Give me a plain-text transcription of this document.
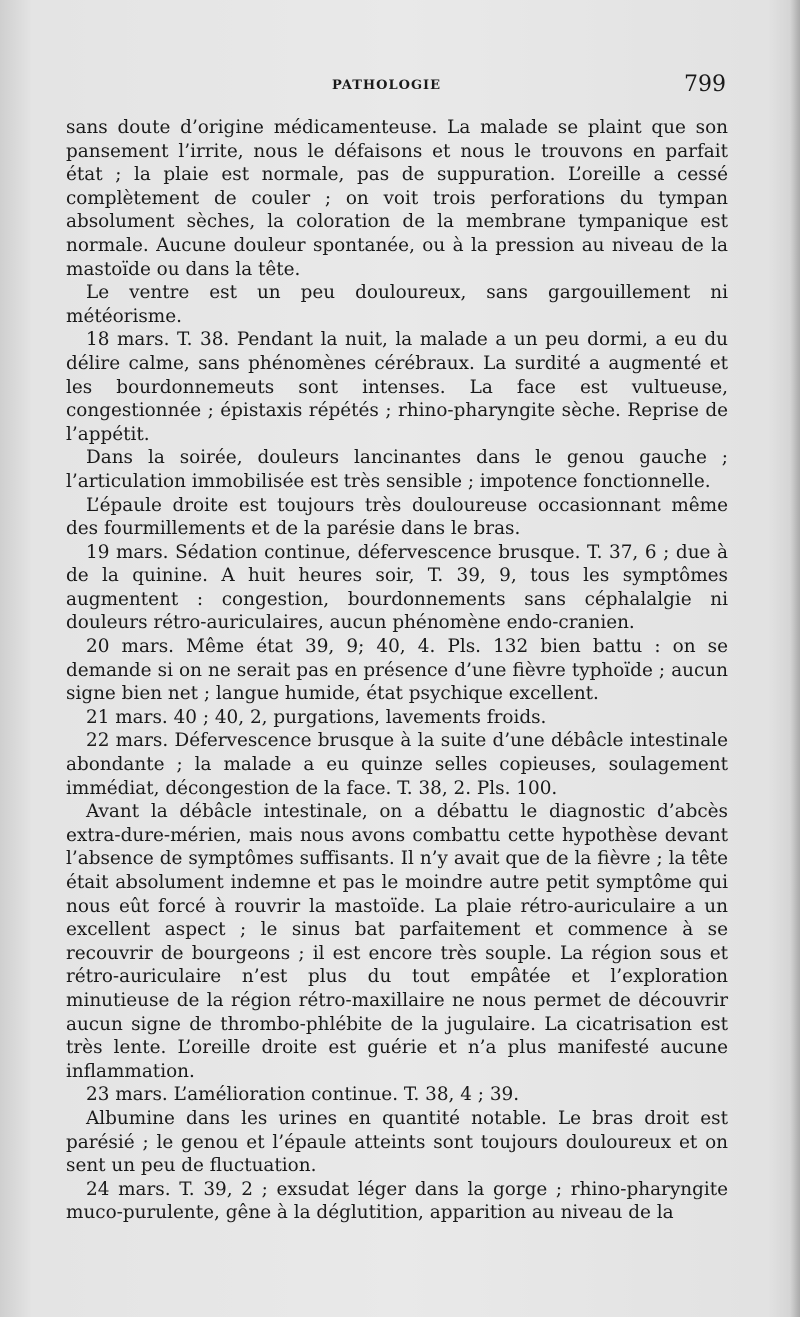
PATHOLOGIE	799

sans doute d’origine médicamenteuse. La malade se plaint que son pansement l’irrite, nous le défaisons et nous le trouvons en parfait état ; la plaie est normale, pas de suppuration. L’oreille a cessé complètement de couler ; on voit trois perforations du tympan absolument sèches, la coloration de la membrane tympanique est normale. Aucune douleur spontanée, ou à la pression au niveau de la mastoïde ou dans la tête.

Le ventre est un peu douloureux, sans gargouillement ni météorisme.

18 mars. T. 38. Pendant la nuit, la malade a un peu dormi, a eu du délire calme, sans phénomènes cérébraux. La surdité a augmenté et les bourdonnemeuts sont intenses. La face est vultueuse, congestionnée ; épistaxis répétés ; rhino-pharyngite sèche. Reprise de l’appétit.

Dans la soirée, douleurs lancinantes dans le genou gauche ; l’articulation immobilisée est très sensible ; impotence fonctionnelle.

L’épaule droite est toujours très douloureuse occasionnant même des fourmillements et de la parésie dans le bras.

19 mars. Sédation continue, défervescence brusque. T. 37, 6 ; due à de la quinine. A huit heures soir, T. 39, 9, tous les symptômes augmentent : congestion, bourdonnements sans céphalalgie ni douleurs rétro-auriculaires, aucun phénomène endo-cranien.

20 mars. Même état 39, 9; 40, 4. Pls. 132 bien battu : on se demande si on ne serait pas en présence d’une fièvre typhoïde ; aucun signe bien net ; langue humide, état psychique excellent.

21 mars. 40 ; 40, 2, purgations, lavements froids.

22 mars. Défervescence brusque à la suite d’une débâcle intestinale abondante ; la malade a eu quinze selles copieuses, soulagement immédiat, décongestion de la face. T. 38, 2. Pls. 100.

Avant la débâcle intestinale, on a débattu le diagnostic d’abcès extra-dure-mérien, mais nous avons combattu cette hypothèse devant l’absence de symptômes suffisants. Il n’y avait que de la fièvre ; la tête était absolument indemne et pas le moindre autre petit symptôme qui nous eût forcé à rouvrir la mastoïde. La plaie rétro-auriculaire a un excellent aspect ; le sinus bat parfaitement et commence à se recouvrir de bourgeons ; il est encore très souple. La région sous et rétro-auriculaire n’est plus du tout empâtée et l’exploration minutieuse de la région rétro-maxillaire ne nous permet de découvrir aucun signe de thrombo-phlébite de la jugulaire. La cicatrisation est très lente. L’oreille droite est guérie et n’a plus manifesté aucune inflammation.

23 mars. L’amélioration continue. T. 38, 4 ; 39.

Albumine dans les urines en quantité notable. Le bras droit est parésié ; le genou et l’épaule atteints sont toujours douloureux et on sent un peu de fluctuation.

24 mars. T. 39, 2 ; exsudat léger dans la gorge ; rhino-pharyngite muco-purulente, gêne à la déglutition, apparition au niveau de la
